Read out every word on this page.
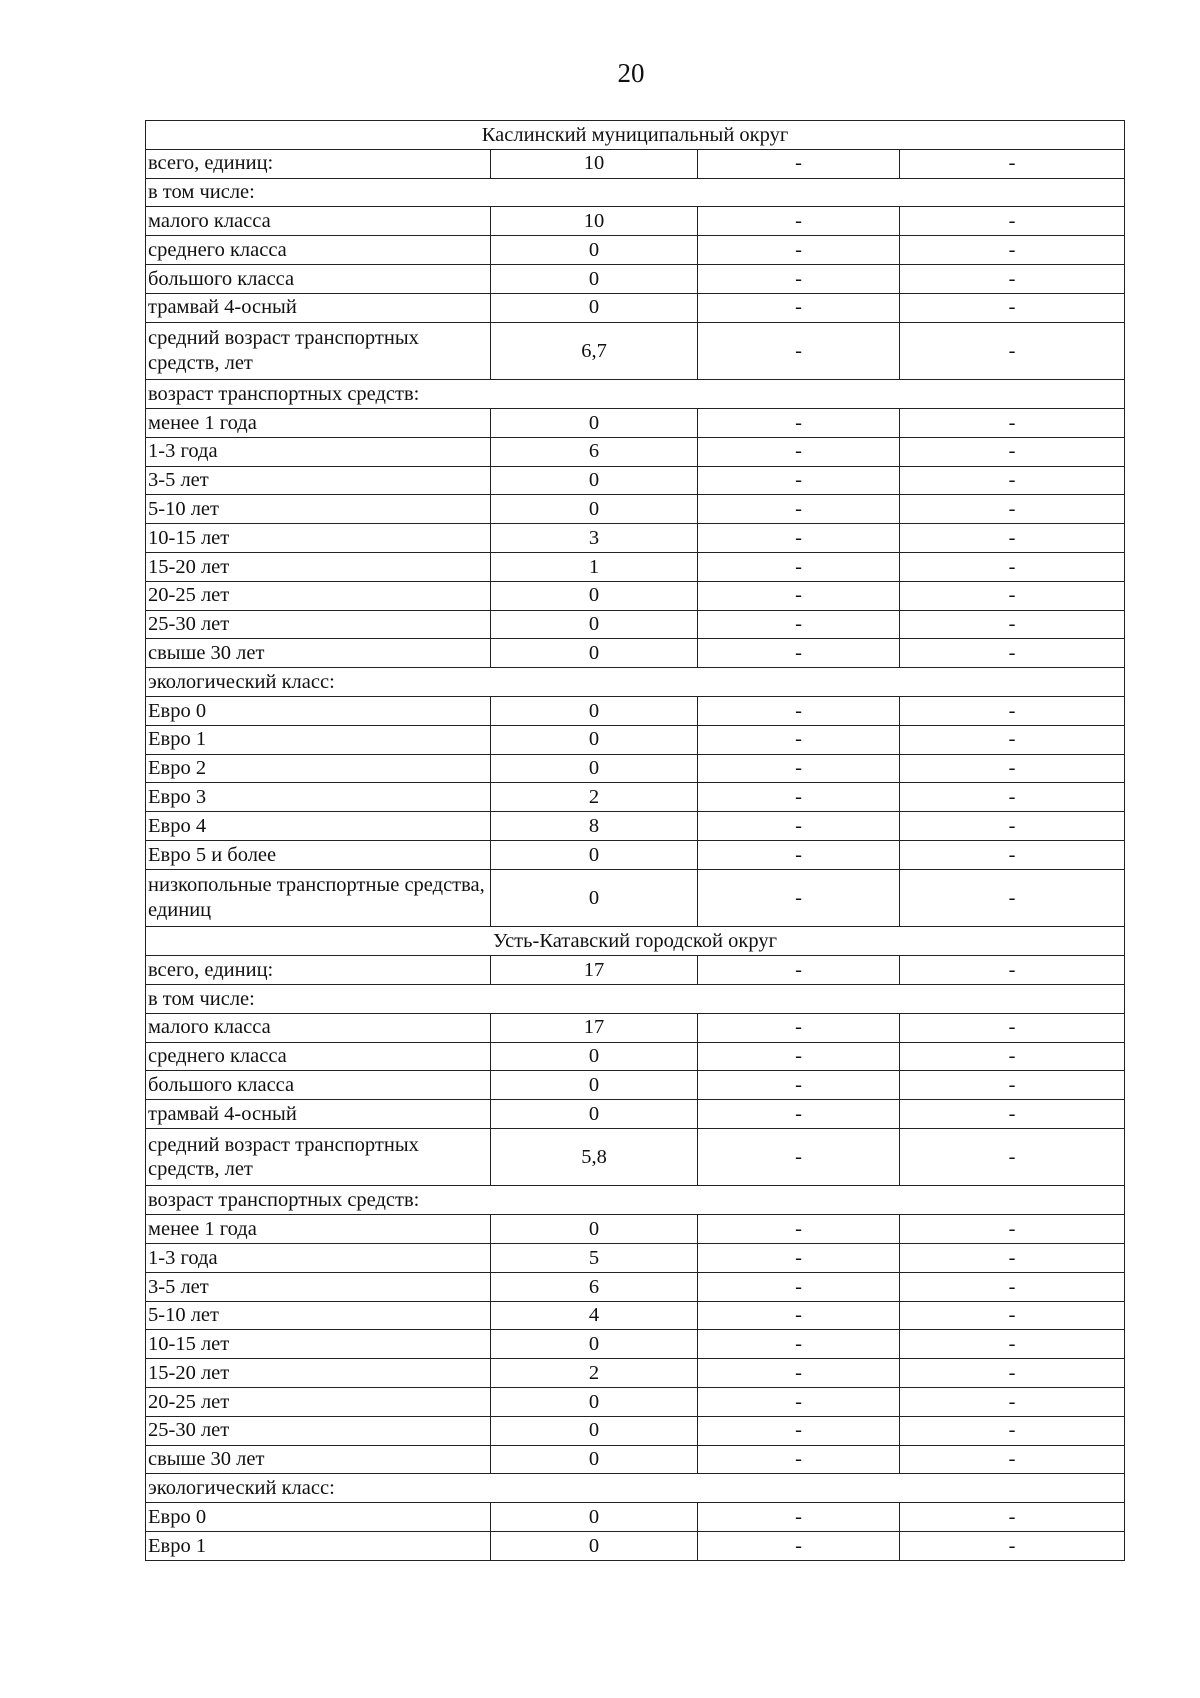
20
Каслинский муниципальный округ			
всего, единиц:	10	-	-
в том числе:			
малого класса	10	-	-
среднего класса	0	-	-
большого класса	0	-	-
трамвай 4-осный	0	-	-
средний возраст транспортных средств, лет	6,7	-	-
возраст транспортных средств:			
менее 1 года	0	-	-
1-3 года	6	-	-
3-5 лет	0	-	-
5-10 лет	0	-	-
10-15 лет	3	-	-
15-20 лет	1	-	-
20-25 лет	0	-	-
25-30 лет	0	-	-
свыше 30 лет	0	-	-
экологический класс:			
Евро 0	0	-	-
Евро 1	0	-	-
Евро 2	0	-	-
Евро 3	2	-	-
Евро 4	8	-	-
Евро 5 и более	0	-	-
низкопольные транспортные средства, единиц	0	-	-
Усть-Катавский городской округ			
всего, единиц:	17	-	-
в том числе:			
малого класса	17	-	-
среднего класса	0	-	-
большого класса	0	-	-
трамвай 4-осный	0	-	-
средний возраст транспортных средств, лет	5,8	-	-
возраст транспортных средств:			
менее 1 года	0	-	-
1-3 года	5	-	-
3-5 лет	6	-	-
5-10 лет	4	-	-
10-15 лет	0	-	-
15-20 лет	2	-	-
20-25 лет	0	-	-
25-30 лет	0	-	-
свыше 30 лет	0	-	-
экологический класс:			
Евро 0	0	-	-
Евро 1	0	-	-
